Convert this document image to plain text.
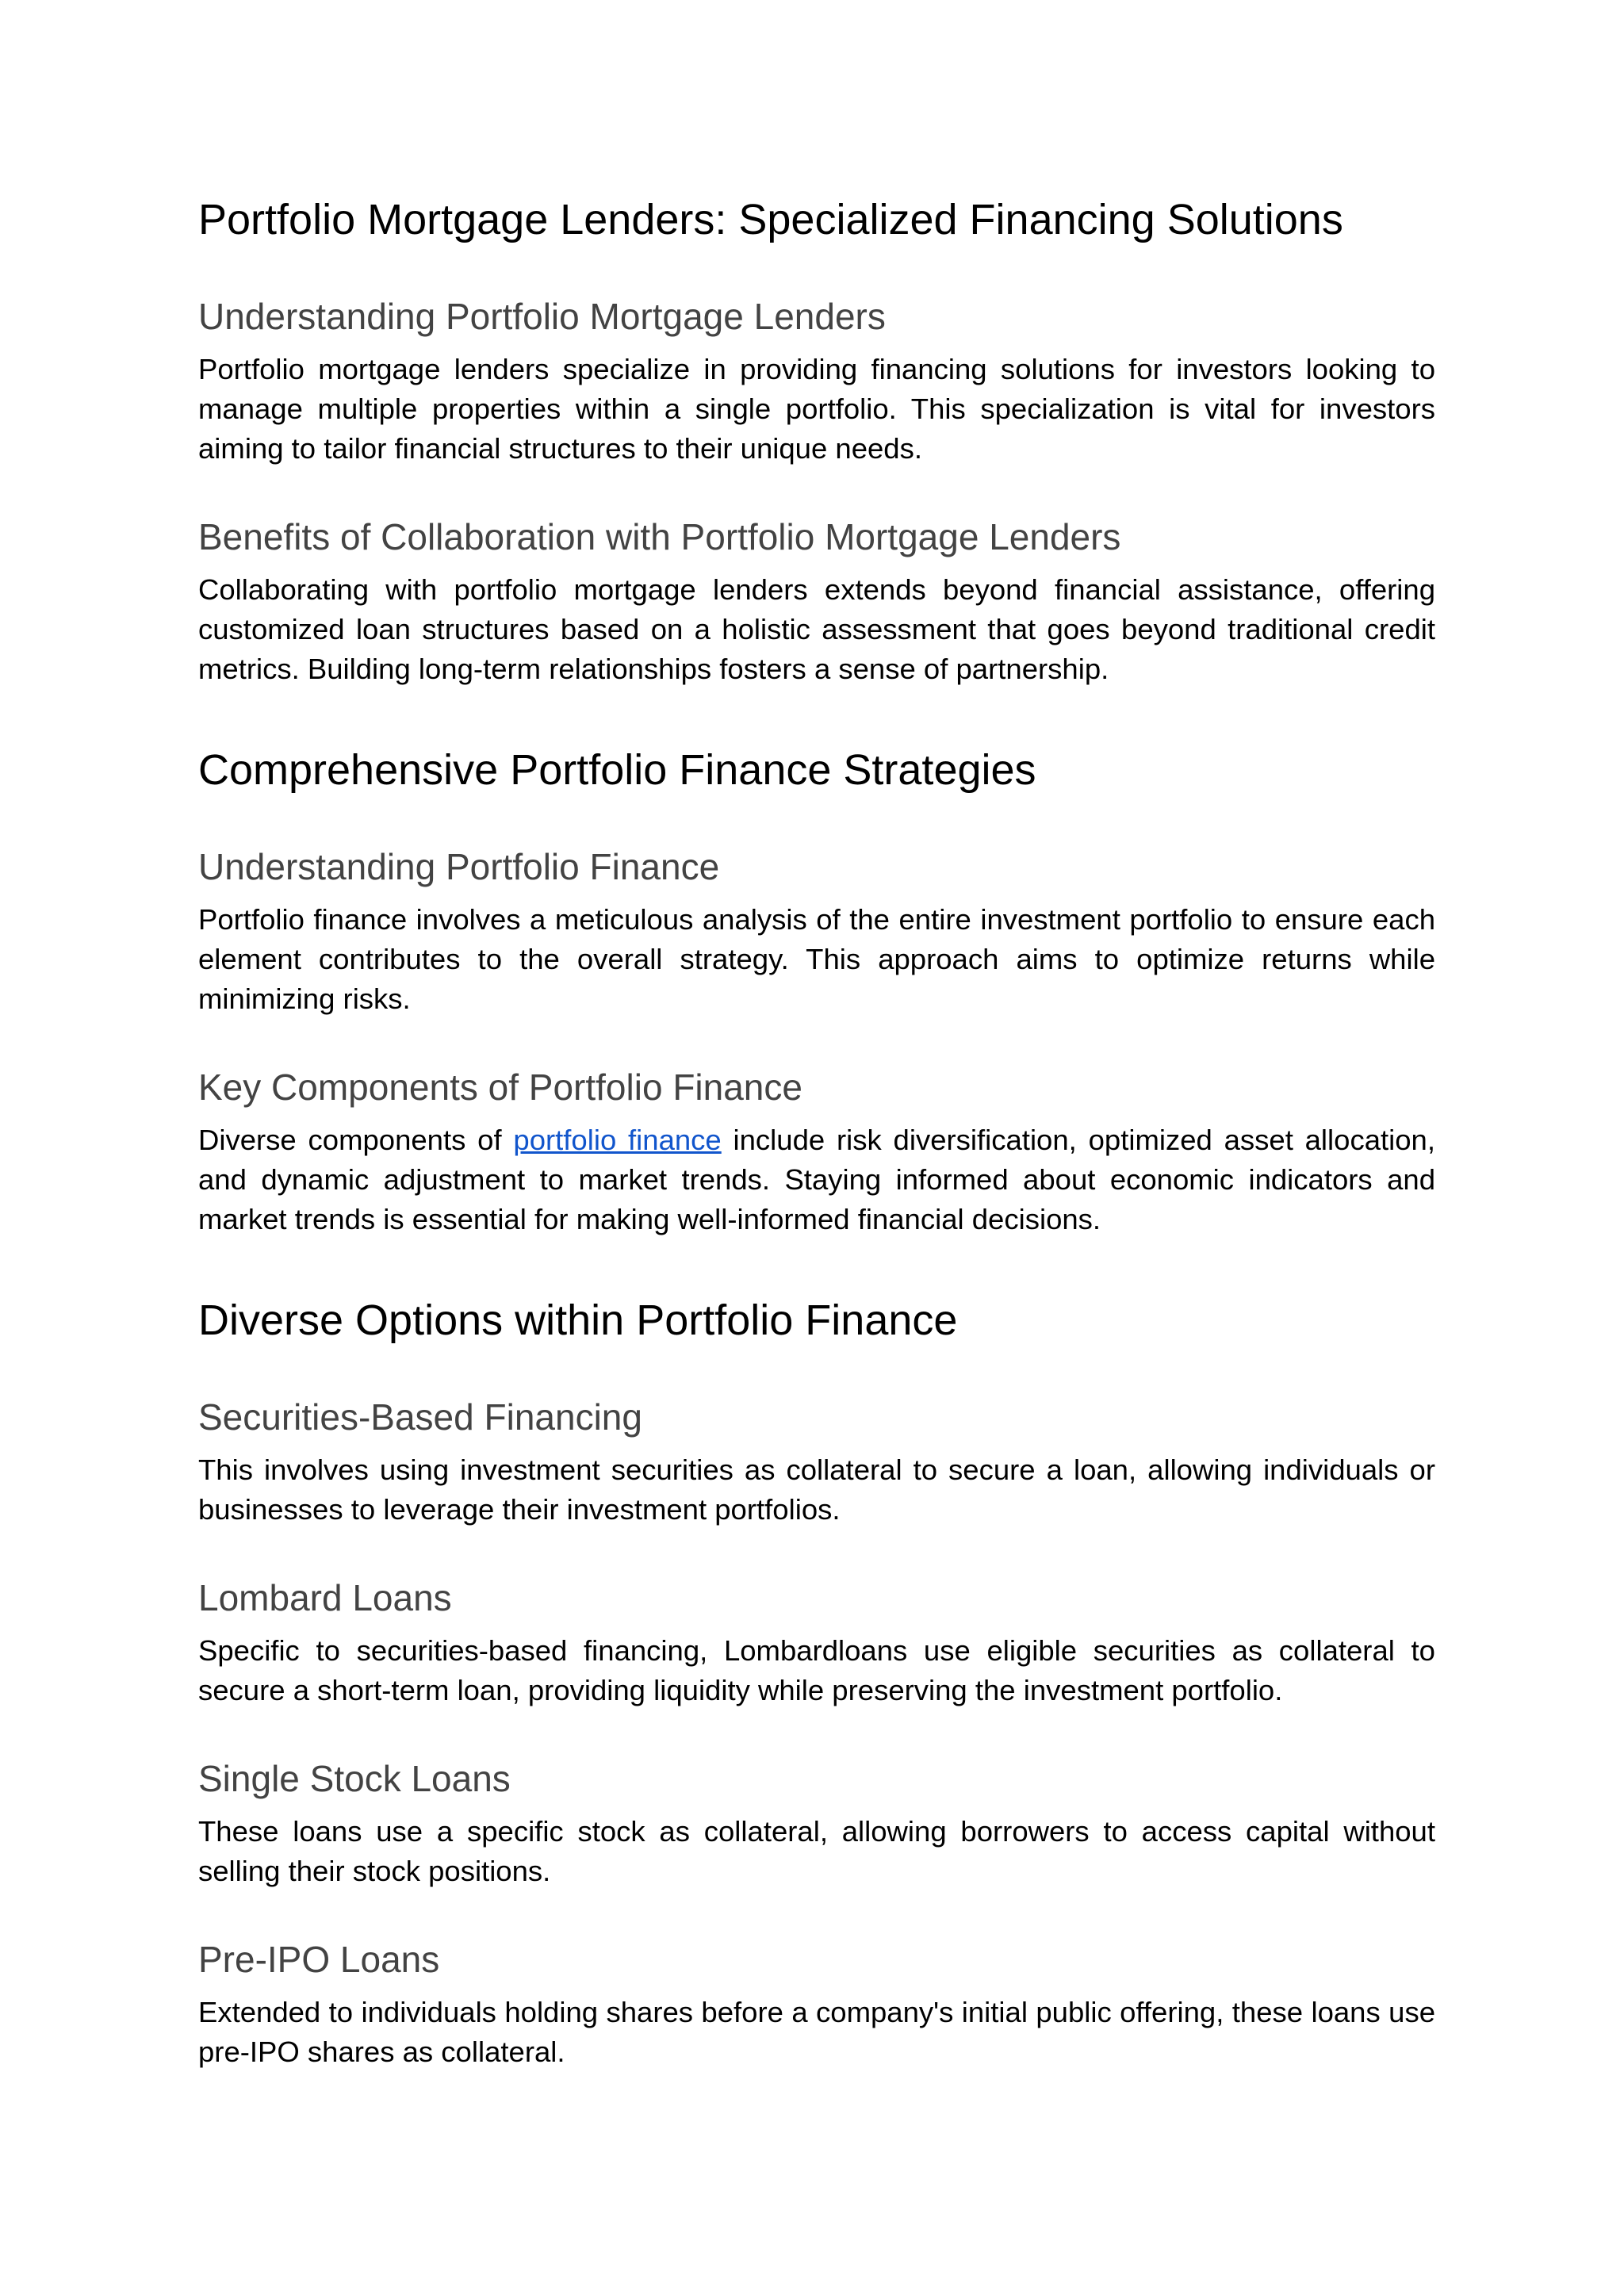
Portfolio Mortgage Lenders: Specialized Financing Solutions
Understanding Portfolio Mortgage Lenders

Portfolio mortgage lenders specialize in providing financing solutions for investors looking to manage multiple properties within a single portfolio. This specialization is vital for investors aiming to tailor financial structures to their unique needs.

Benefits of Collaboration with Portfolio Mortgage Lenders

Collaborating with portfolio mortgage lenders extends beyond financial assistance, offering customized loan structures based on a holistic assessment that goes beyond traditional credit metrics. Building long-term relationships fosters a sense of partnership.

Comprehensive Portfolio Finance Strategies
Understanding Portfolio Finance

Portfolio finance involves a meticulous analysis of the entire investment portfolio to ensure each element contributes to the overall strategy. This approach aims to optimize returns while minimizing risks.

Key Components of Portfolio Finance

Diverse components of portfolio finance include risk diversification, optimized asset allocation, and dynamic adjustment to market trends. Staying informed about economic indicators and market trends is essential for making well-informed financial decisions.

Diverse Options within Portfolio Finance
Securities-Based Financing

This involves using investment securities as collateral to secure a loan, allowing individuals or businesses to leverage their investment portfolios.

Lombard Loans

Specific to securities-based financing, Lombardloans use eligible securities as collateral to secure a short-term loan, providing liquidity while preserving the investment portfolio.

Single Stock Loans

These loans use a specific stock as collateral, allowing borrowers to access capital without selling their stock positions.

Pre-IPO Loans

Extended to individuals holding shares before a company's initial public offering, these loans use pre-IPO shares as collateral.
